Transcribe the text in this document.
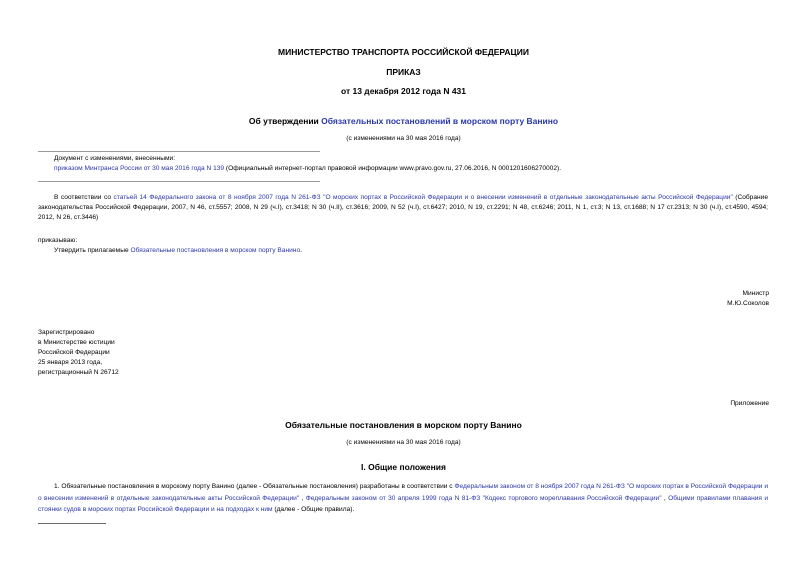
МИНИСТЕРСТВО ТРАНСПОРТА РОССИЙСКОЙ ФЕДЕРАЦИИ
ПРИКАЗ
от 13 декабря 2012 года N 431
Об утверждении Обязательных постановлений в морском порту Ванино
(с изменениями на 30 мая 2016 года)
Документ с изменениями, внесенными:
приказом Минтранса России от 30 мая 2016 года N 139 (Официальный интернет-портал правовой информации www.pravo.gov.ru, 27.06.2016, N 0001201606270002).
В соответствии со статьей 14 Федерального закона от 8 ноября 2007 года N 261-ФЗ "О морских портах в Российской Федерации и о внесении изменений в отдельные законодательные акты Российской Федерации" (Собрание законодательства Российской Федерации, 2007, N 46, ст.5557; 2008, N 29 (ч.I), ст.3418; N 30 (ч.II), ст.3616; 2009, N 52 (ч.I), ст.6427; 2010, N 19, ст.2291; N 48, ст.6246; 2011, N 1, ст.3; N 13, ст.1688; N 17 ст.2313; N 30 (ч.I), ст.4590, 4594; 2012, N 26, ст.3446)
приказываю:
Утвердить прилагаемые Обязательные постановления в морском порту Ванино.
Министр
М.Ю.Соколов
Зарегистрировано
в Министерстве юстиции
Российской Федерации
25 января 2013 года,
регистрационный N 26712
Приложение
Обязательные постановления в морском порту Ванино
(с изменениями на 30 мая 2016 года)
I. Общие положения
1. Обязательные постановления в морскому порту Ванино (далее - Обязательные постановления) разработаны в соответствии с Федеральным законом от 8 ноября 2007 года N 261-ФЗ "О морских портах в Российской Федерации и о внесении изменений в отдельные законодательные акты Российской Федерации" , Федеральным законом от 30 апреля 1999 года N 81-ФЗ "Кодекс торгового мореплавания Российской Федерации" , Общими правилами плавания и стоянки судов в морских портах Российской Федерации и на подходах к ним (далее - Общие правила).
